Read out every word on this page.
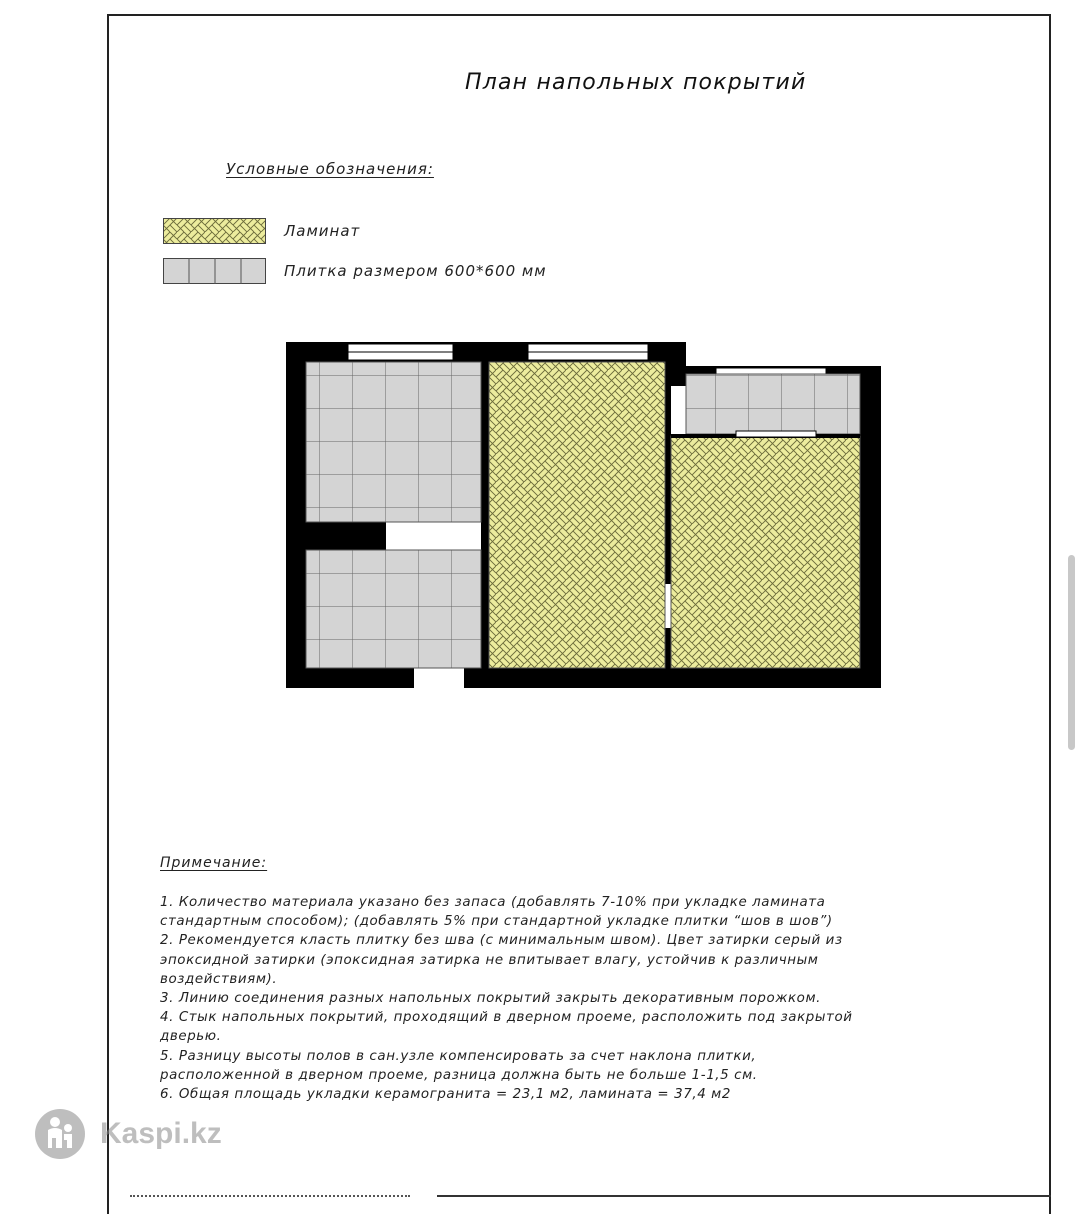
План напольных покрытий
Условные обозначения:
Ламинат
Плитка размером 600*600 мм
Примечание:
1. Количество материала указано без запаса (добавлять 7-10% при укладке ламината
стандартным способом); (добавлять 5% при стандартной укладке плитки “шов в шов”)
2. Рекомендуется класть плитку без шва (с минимальным швом). Цвет затирки серый из
эпоксидной затирки (эпоксидная затирка не впитывает влагу, устойчив к различным
воздействиям).
3. Линию соединения разных напольных покрытий закрыть декоративным порожком.
4. Стык напольных покрытий, проходящий в дверном проеме, расположить под закрытой
дверью.
5. Разницу высоты полов в сан.узле компенсировать за счет наклона плитки,
расположенной в дверном проеме, разница должна быть не больше 1-1,5 см.
6. Общая площадь укладки керамогранита = 23,1 м2, ламината = 37,4 м2
Kaspi.kz
